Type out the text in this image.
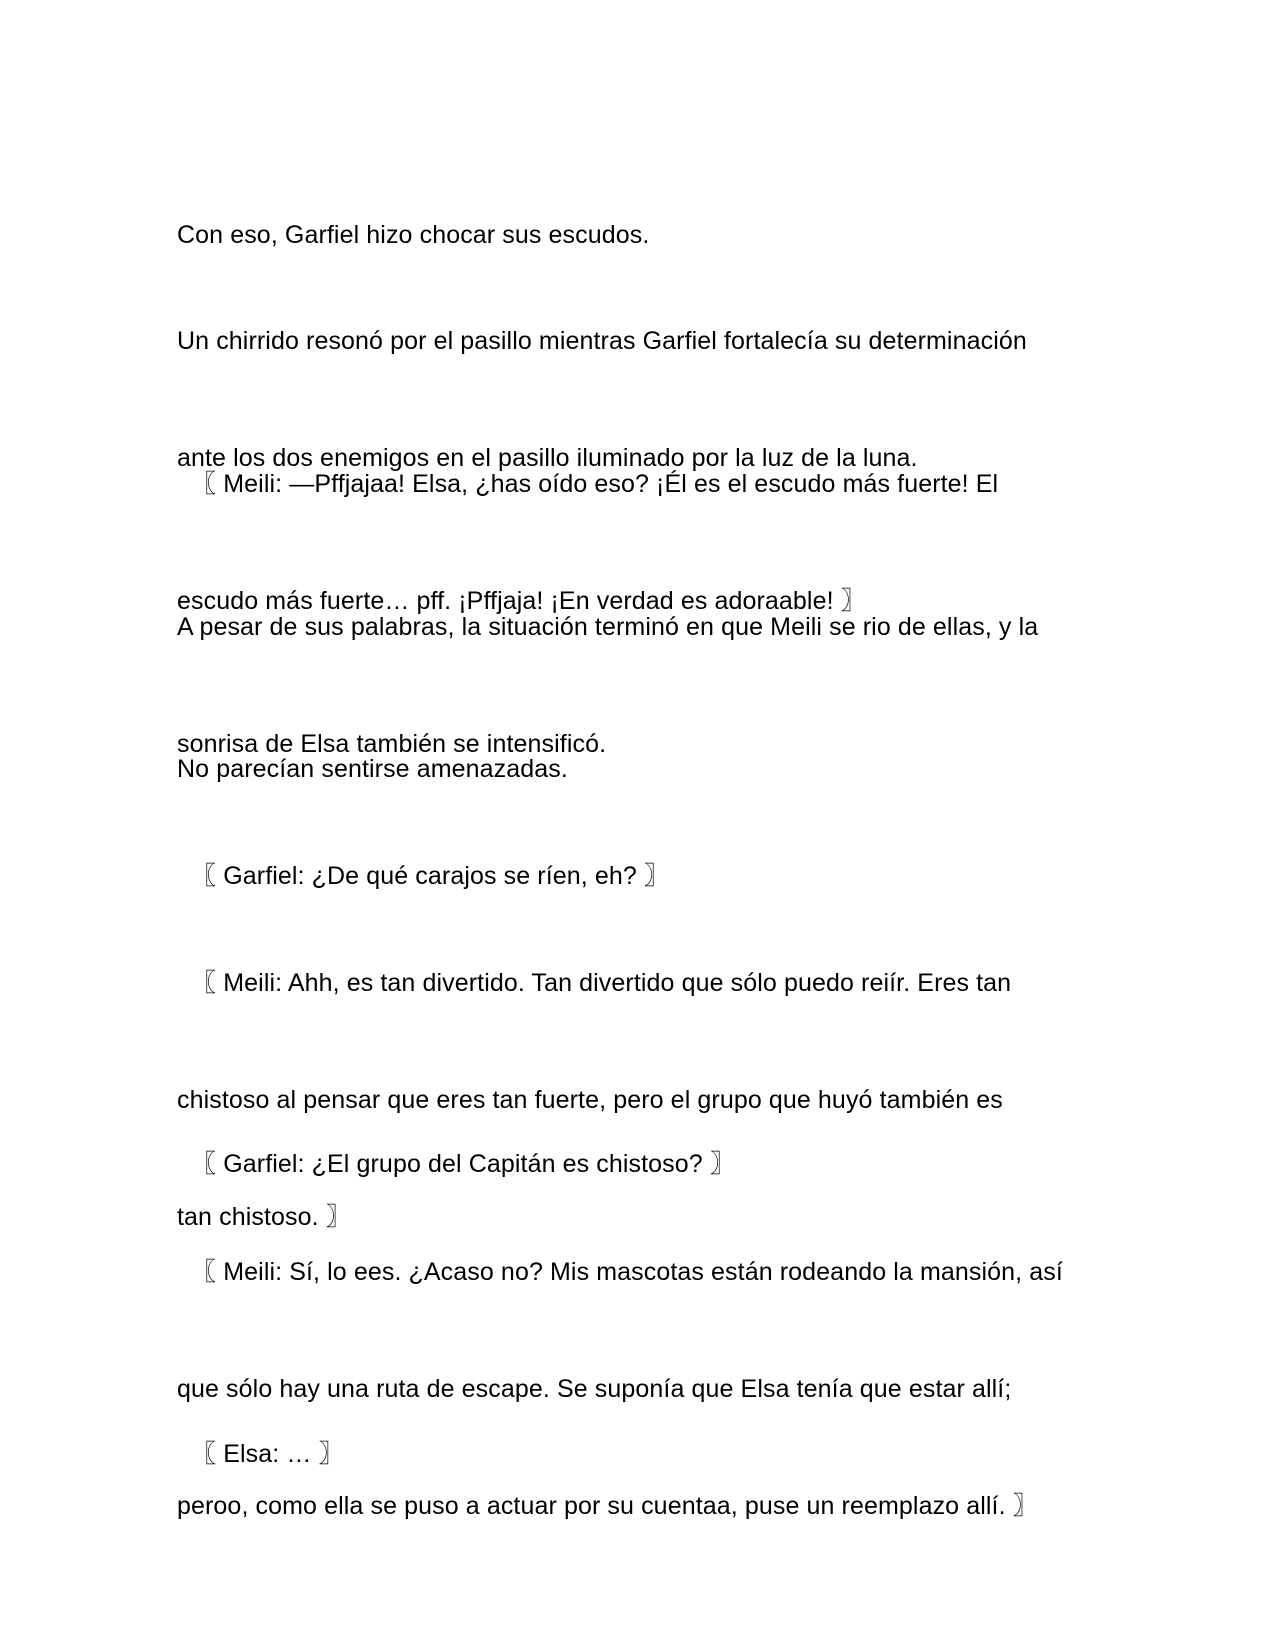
Con eso, Garfiel hizo chocar sus escudos.

Un chirrido resonó por el pasillo mientras Garfiel fortalecía su determinación

ante los dos enemigos en el pasillo iluminado por la luz de la luna.

〖 Meili: —Pffjajaa! Elsa, ¿has oído eso? ¡Él es el escudo más fuerte! El

escudo más fuerte… pff. ¡Pffjaja! ¡En verdad es adoraable! 〗

A pesar de sus palabras, la situación terminó en que Meili se rio de ellas, y la

sonrisa de Elsa también se intensificó.

No parecían sentirse amenazadas.

〖 Garfiel: ¿De qué carajos se ríen, eh? 〗

〖 Meili: Ahh, es tan divertido. Tan divertido que sólo puedo reiír. Eres tan

chistoso al pensar que eres tan fuerte, pero el grupo que huyó también es

tan chistoso. 〗

〖 Garfiel: ¿El grupo del Capitán es chistoso? 〗

〖 Meili: Sí, lo ees. ¿Acaso no? Mis mascotas están rodeando la mansión, así

que sólo hay una ruta de escape. Se suponía que Elsa tenía que estar allí;

peroo, como ella se puso a actuar por su cuentaa, puse un reemplazo allí. 〗

〖 Elsa: … 〗
